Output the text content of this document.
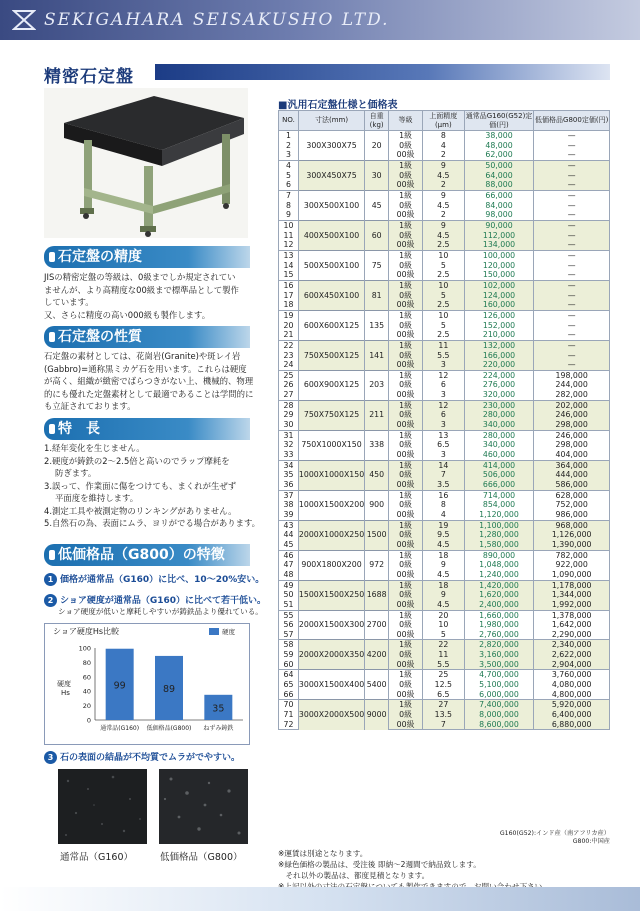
SEKIGAHARA SEISAKUSHO LTD.
精密石定盤
石定盤の精度
JISの精密定盤の等級は、0級までしか規定されてい
ませんが、より高精度な00級まで標準品として製作
しています。
又、さらに精度の高い000級も製作します。
石定盤の性質
石定盤の素材としては、花崗岩(Granite)や斑レイ岩
(Gabbro)=通称黒ミカゲ石を用います。これらは硬度
が高く、組織が緻密でばらつきがない上、機械的、物理
的にも優れた定盤素材として最適であることは学問的に
も立証されております。
特　長
1.経年変化を生じません。
2.硬度が鋳鉄の2～2.5倍と高いのでラップ摩耗を
防ぎます。
3.誤って、作業面に傷をつけても、まくれが生ぜず
平面度を維持します。
4.測定工具や被測定物のリンキングがありません。
5.自然石の為、表面にムラ、ヨリがでる場合があります。
低価格品（G800）の特徴
1 価格が通常品（G160）に比べ、10～20%安い。
2 ショア硬度が通常品（G160）に比べて若干低い。
ショア硬度が低いと摩耗しやすいが鋳鉄品より優れている。
ショア硬度Hs比較	硬度
0
20
40
60
80
100
硬度
Hs
99
通常品(G160)
89
低価格品(G800)
35
ねずみ鋳鉄
3 石の表面の結晶が不均質でムラがでやすい。
通常品（G160）	低価格品（G800）
■汎用石定盤仕様と価格表
NO.	寸法(mm)	自重(kg)	等級	上面精度(μm)	通常品G160(G52)定価(円)	低価格品G800定価(円)
1	300X300X75	20	1級	8	38,000	—
2			0級	4	48,000	—
3			00級	2	62,000	—
4	300X450X75	30	1級	9	50,000	—
5			0級	4.5	64,000	—
6			00級	2	88,000	—
7	300X500X100	45	1級	9	66,000	—
8			0級	4.5	84,000	—
9			00級	2	98,000	—
10	400X500X100	60	1級	9	90,000	—
11			0級	4.5	112,000	—
12			00級	2.5	134,000	—
13	500X500X100	75	1級	10	100,000	—
14			0級	5	120,000	—
15			00級	2.5	150,000	—
16	600X450X100	81	1級	10	102,000	—
17			0級	5	124,000	—
18			00級	2.5	160,000	—
19	600X600X125	135	1級	10	126,000	—
20			0級	5	152,000	—
21			00級	2.5	210,000	—
22	750X500X125	141	1級	11	132,000	—
23			0級	5.5	166,000	—
24			00級	3	220,000	—
25	600X900X125	203	1級	12	224,000	198,000
26			0級	6	276,000	244,000
27			00級	3	320,000	282,000
28	750X750X125	211	1級	12	230,000	202,000
29			0級	6	280,000	246,000
30			00級	3	340,000	298,000
31	750X1000X150	338	1級	13	280,000	246,000
32			0級	6.5	340,000	298,000
33			00級	3	460,000	404,000
34	1000X1000X150	450	1級	14	414,000	364,000
35			0級	7	506,000	444,000
36			00級	3.5	666,000	586,000
37	1000X1500X200	900	1級	16	714,000	628,000
38			0級	8	854,000	752,000
39			00級	4	1,120,000	986,000
43	2000X1000X250	1500	1級	19	1,100,000	968,000
44			0級	9.5	1,280,000	1,126,000
45			00級	4.5	1,580,000	1,390,000
46	900X1800X200	972	1級	18	890,000	782,000
47			0級	9	1,048,000	922,000
48			00級	4.5	1,240,000	1,090,000
49	1500X1500X250	1688	1級	18	1,420,000	1,178,000
50			0級	9	1,620,000	1,344,000
51			00級	4.5	2,400,000	1,992,000
55	2000X1500X300	2700	1級	20	1,660,000	1,378,000
56			0級	10	1,980,000	1,642,000
57			00級	5	2,760,000	2,290,000
58	2000X2000X350	4200	1級	22	2,820,000	2,340,000
59			0級	11	3,160,000	2,622,000
60			00級	5.5	3,500,000	2,904,000
64	3000X1500X400	5400	1級	25	4,700,000	3,760,000
65			0級	12.5	5,100,000	4,080,000
66			00級	6.5	6,000,000	4,800,000
70	3000X2000X500	9000	1級	27	7,400,000	5,920,000
71			0級	13.5	8,000,000	6,400,000
72			00級	7	8,600,000	6,880,000
G160(G52):インド産（南アフリカ産）
G800:中国産
※運賃は別途となります。
※緑色価格の製品は、受注後 即納～2週間で納品致します。
　それ以外の製品は、都度見積となります。
